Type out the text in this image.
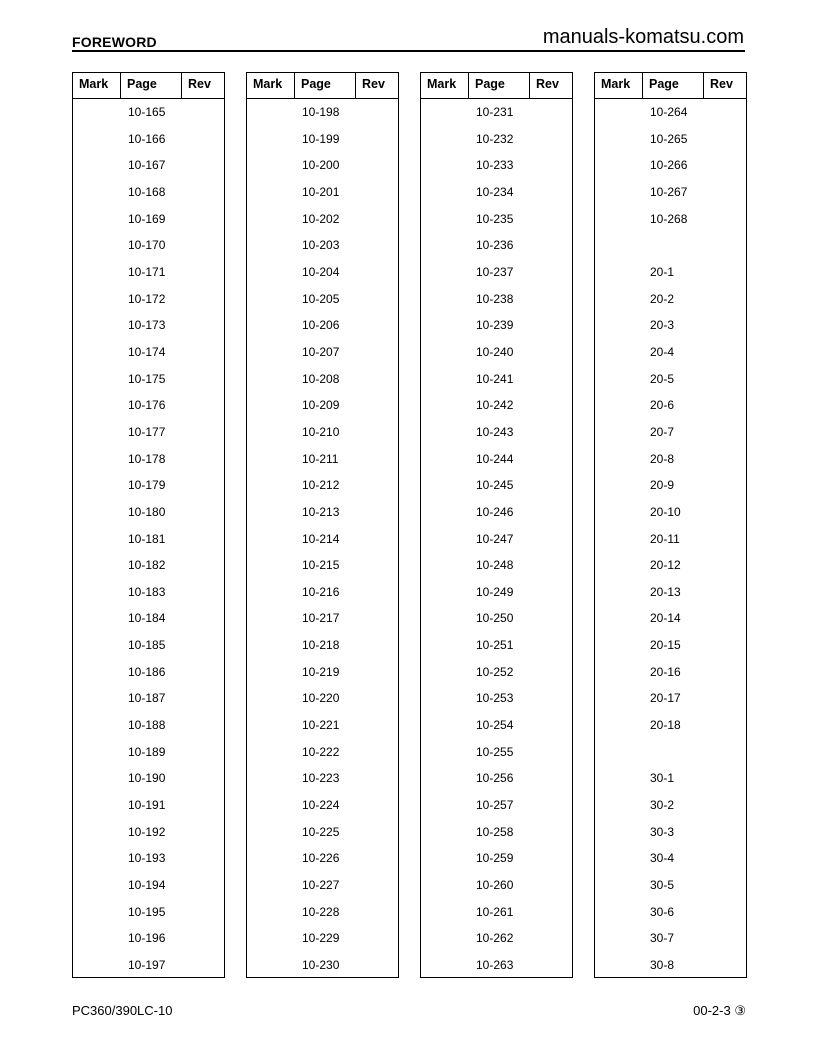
FOREWORD
Mark	Page	Rev
10-165
10-166
10-167
10-168
10-169
10-170
10-171
10-172
10-173
10-174
10-175
10-176
10-177
10-178
10-179
10-180
10-181
10-182
10-183
10-184
10-185
10-186
10-187
10-188
10-189
10-190
10-191
10-192
10-193
10-194
10-195
10-196
10-197
Mark	Page	Rev
10-198
10-199
10-200
10-201
10-202
10-203
10-204
10-205
10-206
10-207
10-208
10-209
10-210
10-211
10-212
10-213
10-214
10-215
10-216
10-217
10-218
10-219
10-220
10-221
10-222
10-223
10-224
10-225
10-226
10-227
10-228
10-229
10-230
Mark	Page	Rev
10-231
10-232
10-233
10-234
10-235
10-236
10-237
10-238
10-239
10-240
10-241
10-242
10-243
10-244
10-245
10-246
10-247
10-248
10-249
10-250
10-251
10-252
10-253
10-254
10-255
10-256
10-257
10-258
10-259
10-260
10-261
10-262
10-263
Mark	Page	Rev
10-264
10-265
10-266
10-267
10-268
20-1
20-2
20-3
20-4
20-5
20-6
20-7
20-8
20-9
20-10
20-11
20-12
20-13
20-14
20-15
20-16
20-17
20-18
30-1
30-2
30-3
30-4
30-5
30-6
30-7
30-8
manuals-komatsu.com
PC360/390LC-10	00-2-3 ③
